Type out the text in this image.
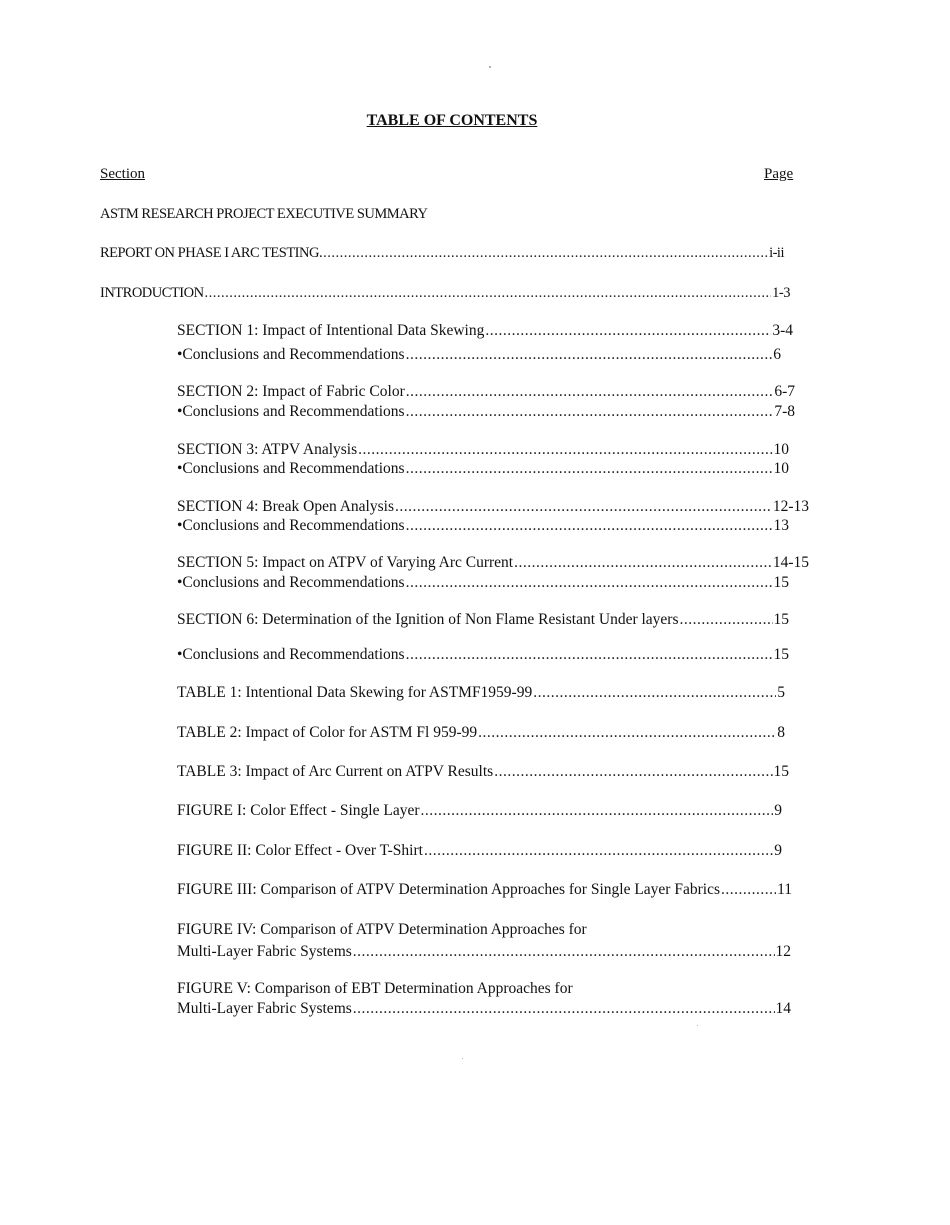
TABLE OF CONTENTS
Section	Page
ASTM RESEARCH PROJECT EXECUTIVE SUMMARY
REPORT ON PHASE I ARC TESTING. .....	i-ii
INTRODUCTION .....	1-3
SECTION 1: Impact of Intentional Data Skewing .....	3-4
•Conclusions and Recommendations .....	6
SECTION 2: Impact of Fabric Color .....	6-7
•Conclusions and Recommendations .....	7-8
SECTION 3: ATPV Analysis .....	10
•Conclusions and Recommendations .....	10
SECTION 4: Break Open Analysis .....	12-13
•Conclusions and Recommendations .....	13
SECTION 5: Impact on ATPV of Varying Arc Current .....	14-15
•Conclusions and Recommendations .....	15
SECTION 6: Determination of the Ignition of Non Flame Resistant Under layers .....	15
•Conclusions and Recommendations .....	15
TABLE 1: Intentional Data Skewing for ASTMF1959-99 .....	5
TABLE 2: Impact of Color for ASTM Fl 959-99 .....	8
TABLE 3: Impact of Arc Current on ATPV Results .....	15
FIGURE I: Color Effect - Single Layer .....	9
FIGURE II: Color Effect - Over T-Shirt .....	9
FIGURE III: Comparison of ATPV Determination Approaches for Single Layer Fabrics .....	11
FIGURE IV: Comparison of ATPV Determination Approaches for
Multi-Layer Fabric Systems .....	12
FIGURE V: Comparison of EBT Determination Approaches for
Multi-Layer Fabric Systems .....	14
